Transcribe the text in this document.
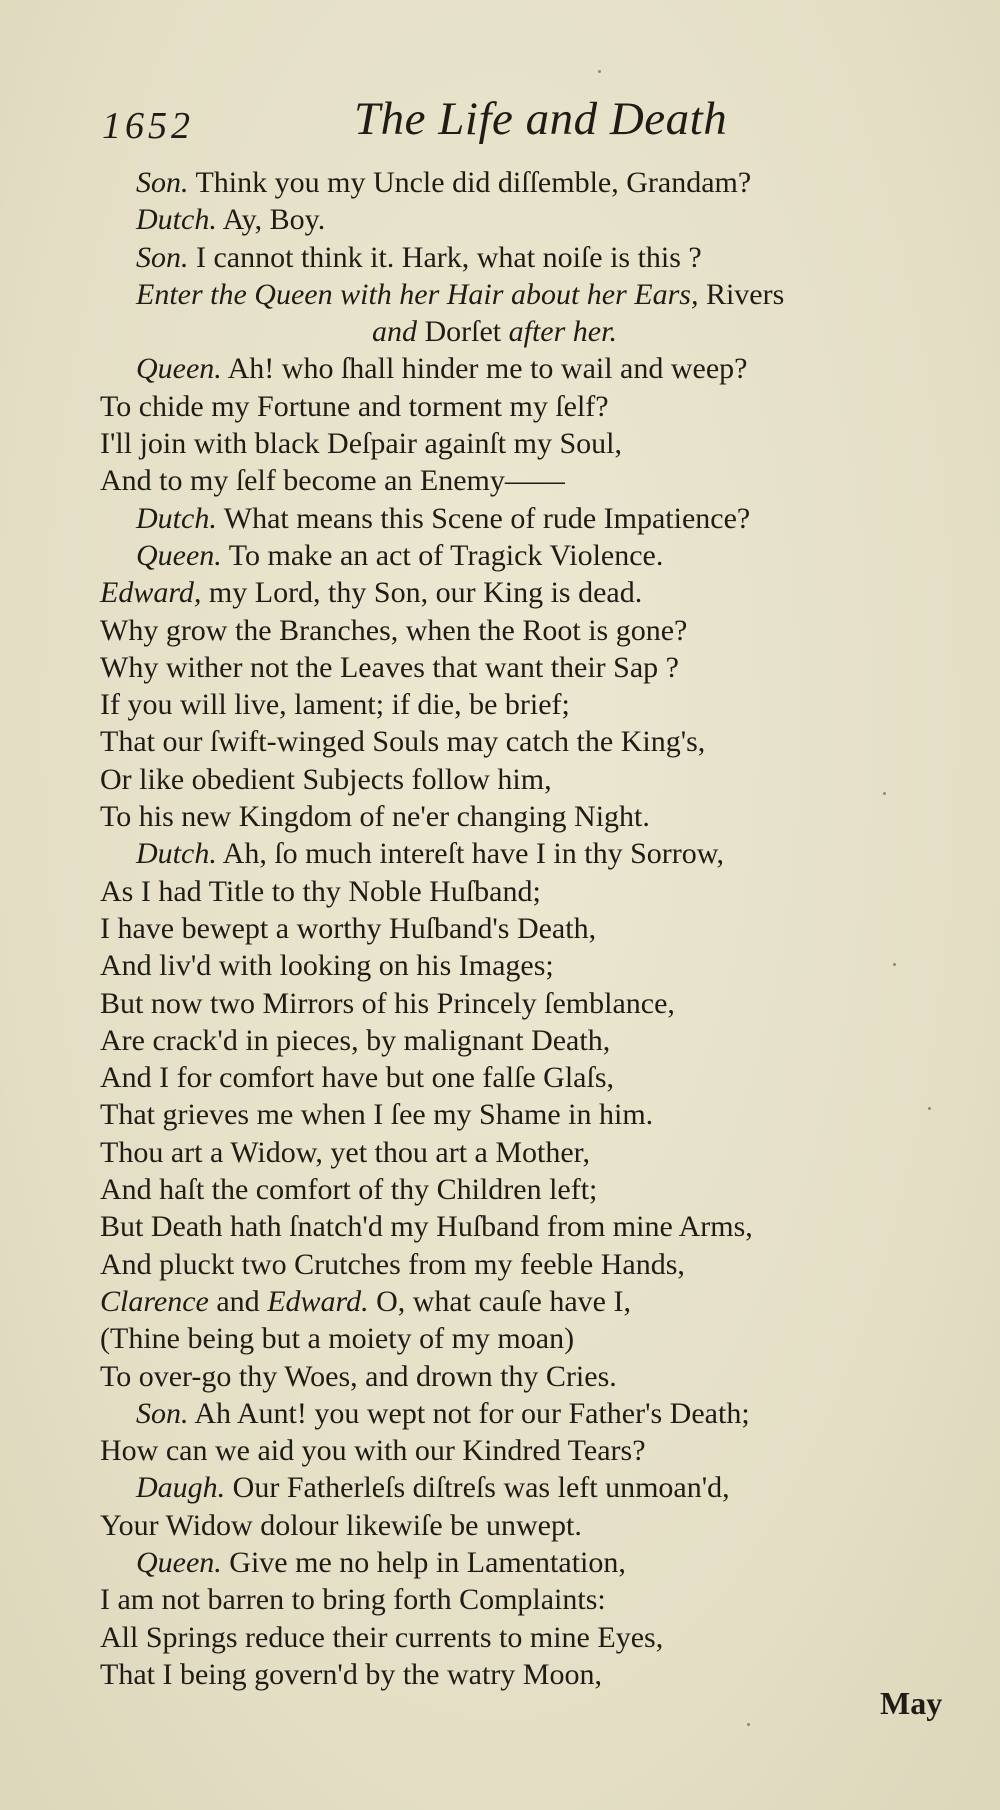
1652	The Life and Death
Son. Think you my Uncle did diſſemble, Grandam?
Dutch. Ay, Boy.
Son. I cannot think it. Hark, what noiſe is this ?
Enter the Queen with her Hair about her Ears, Rivers
and Dorſet after her.
Queen. Ah! who ſhall hinder me to wail and weep?
To chide my Fortune and torment my ſelf?
I'll join with black Deſpair againſt my Soul,
And to my ſelf become an Enemy——
Dutch. What means this Scene of rude Impatience?
Queen. To make an act of Tragick Violence.
Edward, my Lord, thy Son, our King is dead.
Why grow the Branches, when the Root is gone?
Why wither not the Leaves that want their Sap ?
If you will live, lament; if die, be brief;
That our ſwift-winged Souls may catch the King's,
Or like obedient Subjects follow him,
To his new Kingdom of ne'er changing Night.
Dutch. Ah, ſo much intereſt have I in thy Sorrow,
As I had Title to thy Noble Huſband;
I have bewept a worthy Huſband's Death,
And liv'd with looking on his Images;
But now two Mirrors of his Princely ſemblance,
Are crack'd in pieces, by malignant Death,
And I for comfort have but one falſe Glaſs,
That grieves me when I ſee my Shame in him.
Thou art a Widow, yet thou art a Mother,
And haſt the comfort of thy Children left;
But Death hath ſnatch'd my Huſband from mine Arms,
And pluckt two Crutches from my feeble Hands,
Clarence and Edward. O, what cauſe have I,
(Thine being but a moiety of my moan)
To over-go thy Woes, and drown thy Cries.
Son. Ah Aunt! you wept not for our Father's Death;
How can we aid you with our Kindred Tears?
Daugh. Our Fatherleſs diſtreſs was left unmoan'd,
Your Widow dolour likewiſe be unwept.
Queen. Give me no help in Lamentation,
I am not barren to bring forth Complaints:
All Springs reduce their currents to mine Eyes,
That I being govern'd by the watry Moon,
May
